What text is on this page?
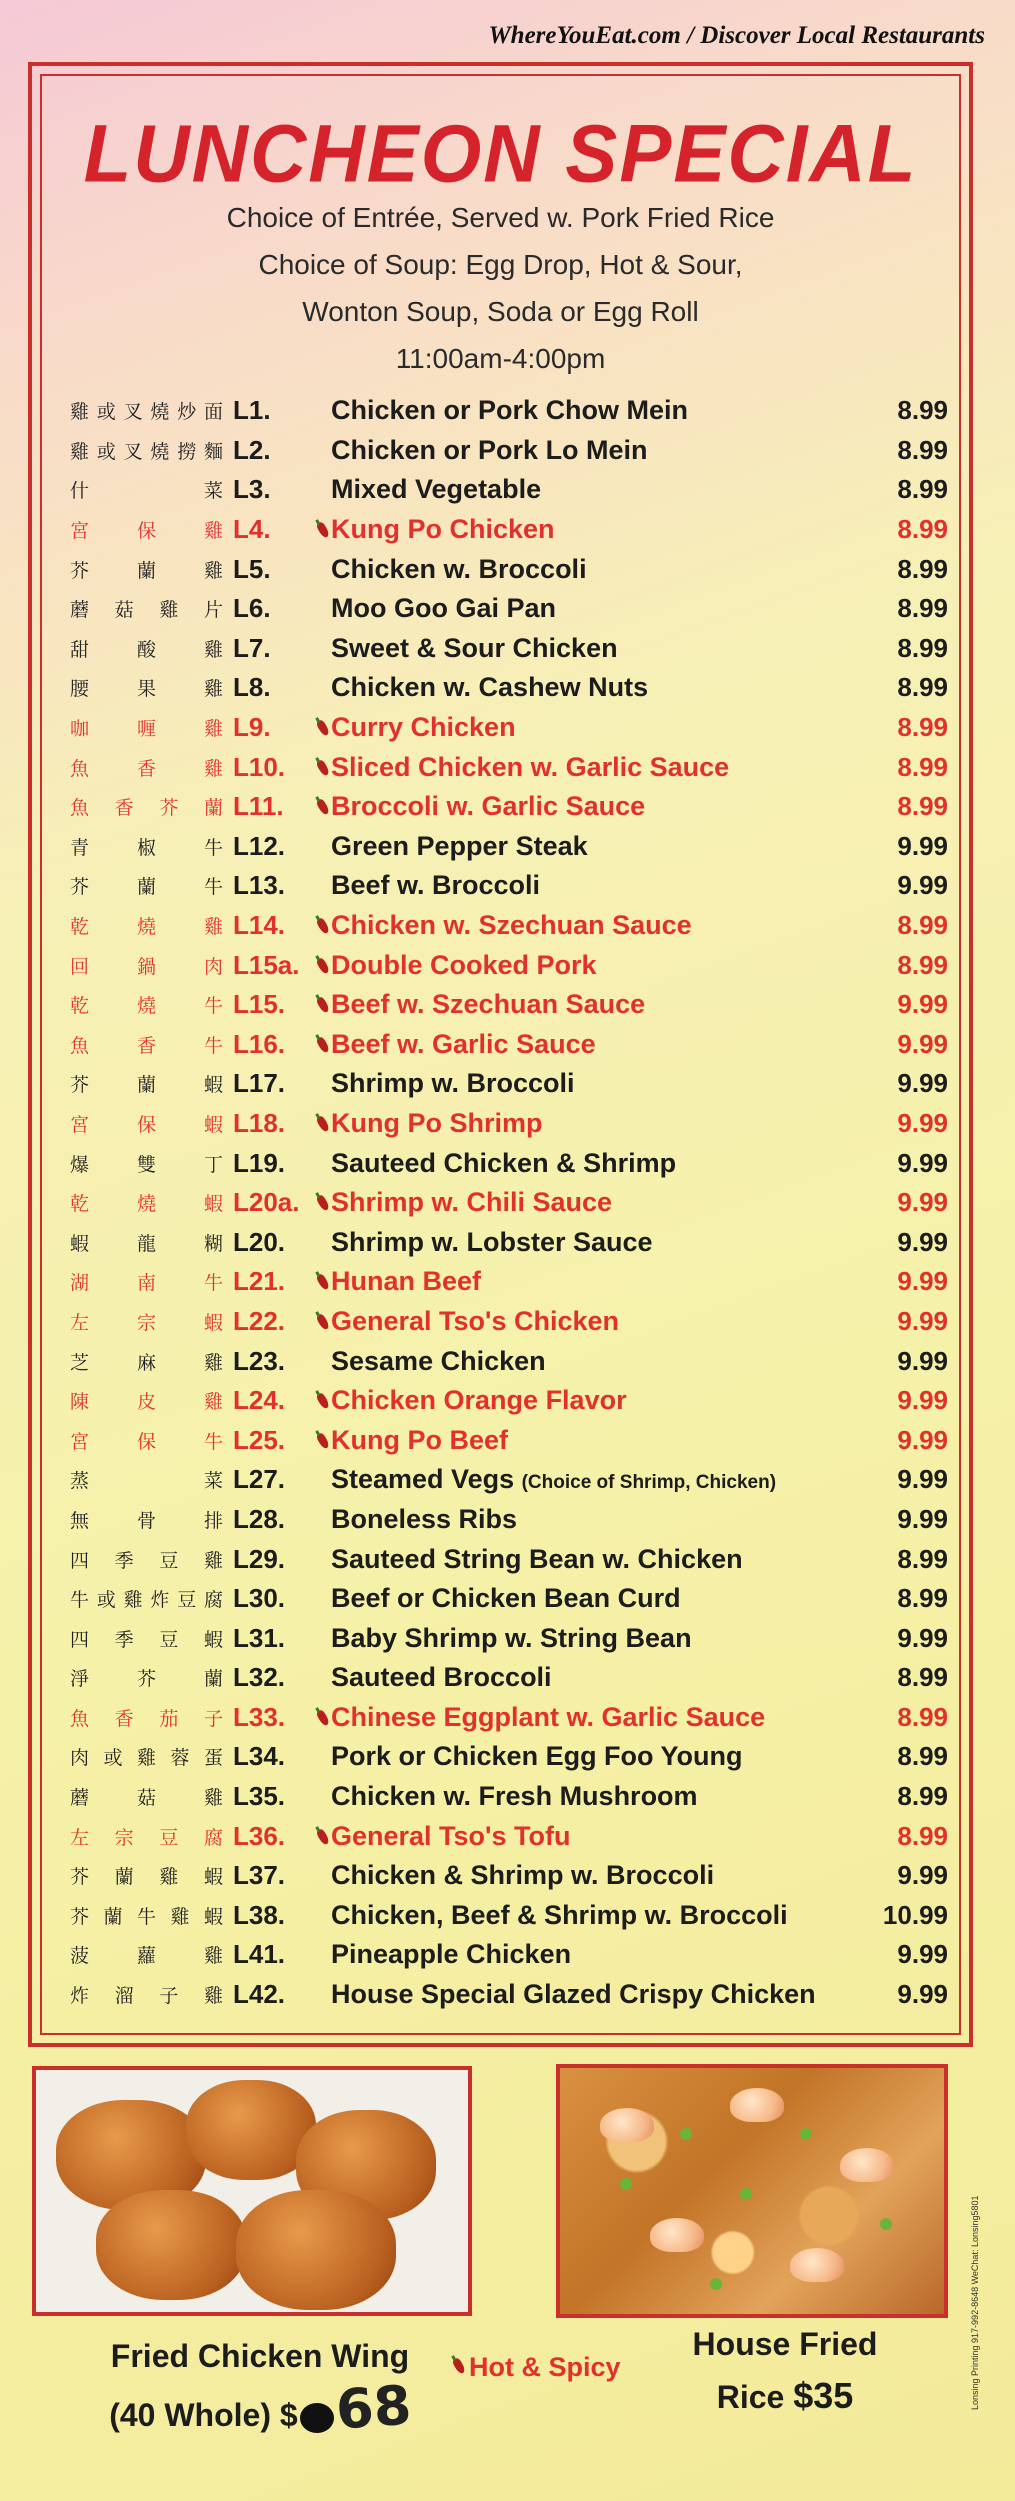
WhereYouEat.com / Discover Local Restaurants
LUNCHEON SPECIAL
Choice of Entrée, Served w. Pork Fried Rice
Choice of Soup: Egg Drop, Hot & Sour,
Wonton Soup, Soda or Egg Roll
11:00am-4:00pm
雞 或 叉 燒 炒 面 L1.	Chicken or Pork Chow Mein	8.99
雞 或 叉 燒 撈 麵 L2.	Chicken or Pork Lo Mein	8.99
什	菜 L3.	Mixed Vegetable	8.99
宮	保	雞 L4.	Kung Po Chicken	8.99
芥	蘭	雞 L5.	Chicken w. Broccoli	8.99
蘑 菇 雞 片 L6.	Moo Goo Gai Pan	8.99
甜	酸	雞 L7.	Sweet & Sour Chicken	8.99
腰	果	雞 L8.	Chicken w. Cashew Nuts	8.99
咖	喱	雞 L9.	Curry Chicken	8.99
魚	香	雞 L10.	Sliced Chicken w. Garlic Sauce	8.99
魚 香 芥 蘭 L11.	Broccoli w. Garlic Sauce	8.99
青	椒	牛 L12.	Green Pepper Steak	9.99
芥	蘭	牛 L13.	Beef w. Broccoli	9.99
乾	燒	雞 L14.	Chicken w. Szechuan Sauce	8.99
回	鍋	肉 L15a.	Double Cooked Pork	8.99
乾	燒	牛 L15.	Beef w. Szechuan Sauce	9.99
魚	香	牛 L16.	Beef w. Garlic Sauce	9.99
芥	蘭	蝦 L17.	Shrimp w. Broccoli	9.99
宮	保	蝦 L18.	Kung Po Shrimp	9.99
爆	雙	丁 L19.	Sauteed Chicken & Shrimp	9.99
乾	燒	蝦 L20a.	Shrimp w. Chili Sauce	9.99
蝦	龍	糊 L20.	Shrimp w. Lobster Sauce	9.99
湖	南	牛 L21.	Hunan Beef	9.99
左	宗	蝦 L22.	General Tso's Chicken	9.99
芝	麻	雞 L23.	Sesame Chicken	9.99
陳	皮	雞 L24.	Chicken Orange Flavor	9.99
宮	保	牛 L25.	Kung Po Beef	9.99
蒸	菜 L27.	Steamed Vegs (Choice of Shrimp, Chicken)	9.99
無	骨	排 L28.	Boneless Ribs	9.99
四 季 豆 雞 L29.	Sauteed String Bean w. Chicken	8.99
牛 或 雞 炸 豆 腐 L30.	Beef or Chicken Bean Curd	8.99
四 季 豆 蝦 L31.	Baby Shrimp w. String Bean	9.99
淨	芥	蘭 L32.	Sauteed Broccoli	8.99
魚 香 茄 子 L33.	Chinese Eggplant w. Garlic Sauce	8.99
肉 或 雞 蓉 蛋 L34.	Pork or Chicken Egg Foo Young	8.99
蘑	菇	雞 L35.	Chicken w. Fresh Mushroom	8.99
左 宗 豆 腐 L36.	General Tso's Tofu	8.99
芥 蘭 雞 蝦 L37.	Chicken & Shrimp w. Broccoli	9.99
芥 蘭 牛 雞 蝦 L38.	Chicken, Beef & Shrimp w. Broccoli	10.99
菠	蘿	雞 L41.	Pineapple Chicken	9.99
炸 溜 子 雞 L42.	House Special Glazed Crispy Chicken	9.99
Fried Chicken Wing
(40 Whole) $ 68
Hot & Spicy
House Fried
Rice $35	Lonsing Printing 917-992-8648 WeChat: Lonsing5801
